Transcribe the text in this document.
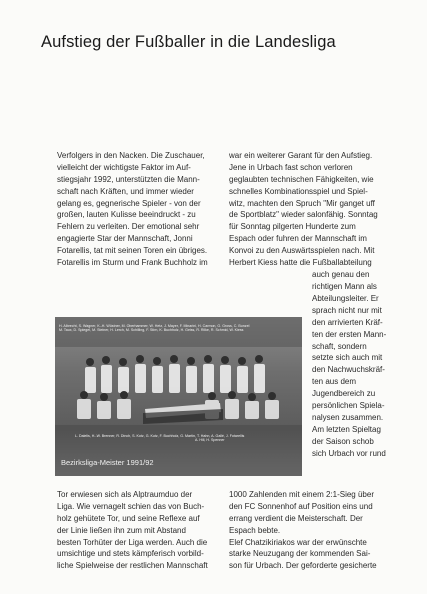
Aufstieg der Fußballer in die Landesliga
Verfolgers in den Nacken. Die Zuschauer,
vielleicht der wichtigste Faktor im Auf-
stiegsjahr 1992, unterstützten die Mann-
schaft nach Kräften, und immer wieder
gelang es, gegnerische Spieler - von der
großen, lauten Kulisse beeindruckt - zu
Fehlern zu verleiten. Der emotional sehr
engagierte Star der Mannschaft, Jonni
Fotarellis, tat mit seinen Toren ein übriges.
Fotarellis im Sturm und Frank Buchholz im
war ein weiterer Garant für den Aufstieg.
Jene in Urbach fast schon verloren
geglaubten technischen Fähigkeiten, wie
schnelles Kombinationsspiel und Spiel-
witz, machten den Spruch "Mir ganget uff
de Sportblatz" wieder salonfähig. Sonntag
für Sonntag pilgerten Hunderte zum
Espach oder fuhren der Mannschaft im
Konvoi zu den Auswärtsspielen nach. Mit
Herbert Kiess hatte die Fußballabteilung
auch genau den
richtigen Mann als
Abteilungsleiter. Er
sprach nicht nur mit
den arrivierten Kräf-
ten der ersten Mann-
schaft, sondern
setzte sich auch mit
den Nachwuchskräf-
ten aus dem
Jugendbereich zu
persönlichen Spiela-
nalysen zusammen.
Am letzten Spieltag
der Saison schob
sich Urbach vor rund
H. Albrecht, S. Wagner, K.-H. Wüstner, M. Oberhammer, W. Hetz, J. Mayer, F. Minarini, H. Carmon, G. Gross, C. Bunzel
M. Taux, D. Spiegel, M. Steiner, H. Lerch, M. Schilling, F. Stirn, K. Buchholz, H. Geiss, R. Rilke, R. Schmid, W. Kiess
L. Dalelis, H.-W. Brenner, R. Dinch, S. Kotz, G. Kutz, F. Buchholz, G. Martin, T. Hahn, A. Gallé, J. Fotarellis
A. Hill, H. Spenner
Bezirksliga-Meister 1991/92
Tor erwiesen sich als Alptraumduo der
Liga. Wie vernagelt schien das von Buch-
holz gehütete Tor, und seine Reflexe auf
der Linie ließen ihn zum mit Abstand
besten Torhüter der Liga werden. Auch die
umsichtige und stets kämpferisch vorbild-
liche Spielweise der restlichen Mannschaft
1000 Zahlenden mit einem 2:1-Sieg über
den FC Sonnenhof auf Position eins und
errang verdient die Meisterschaft. Der
Espach bebte.
Elef Chatzikiriakos war der erwünschte
starke Neuzugang der kommenden Sai-
son für Urbach. Der geforderte gesicherte
